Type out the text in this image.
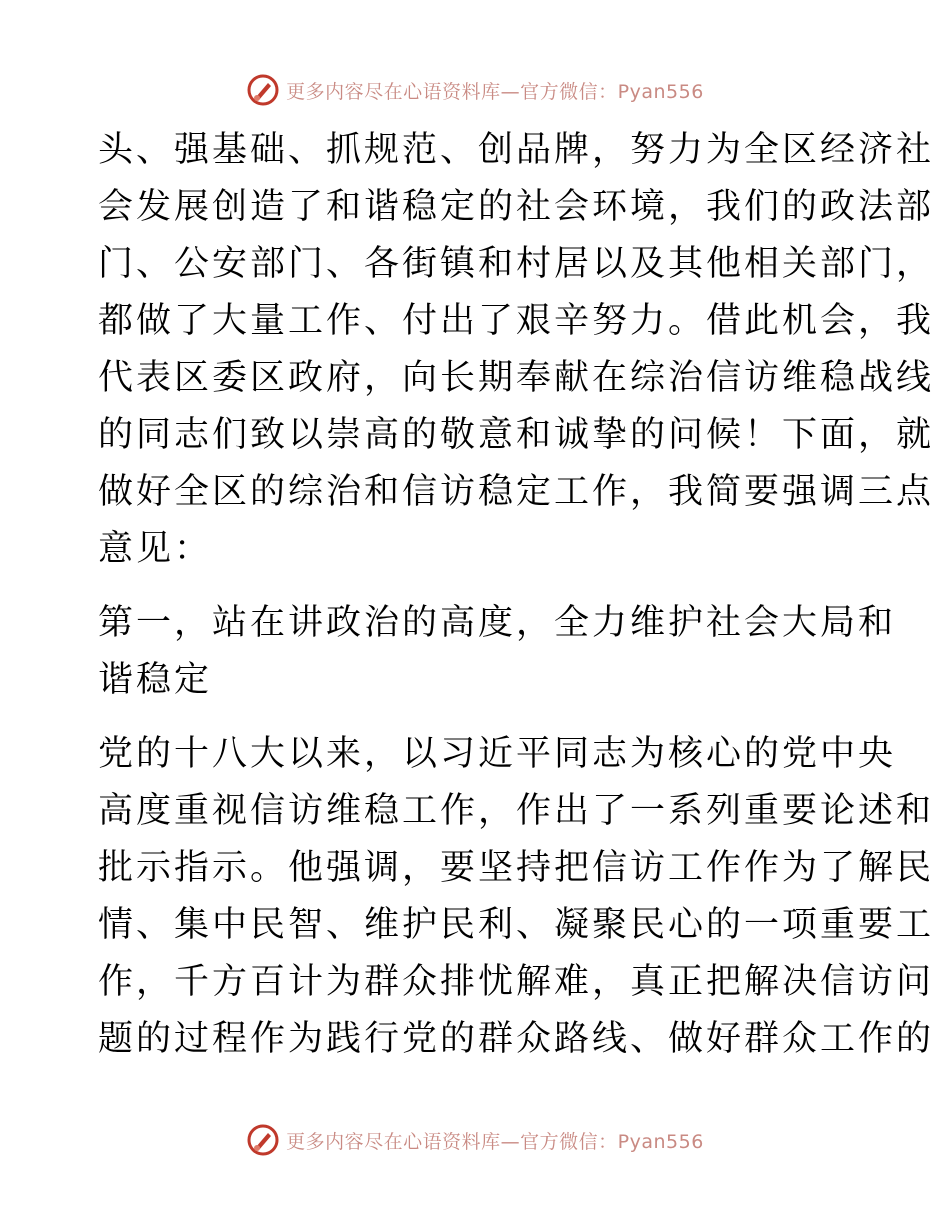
更多内容尽在心语资料库—官方微信：Pyan556
头、强基础、抓规范、创品牌，努力为全区经济社
会发展创造了和谐稳定的社会环境，我们的政法部
门、公安部门、各街镇和村居以及其他相关部门，
都做了大量工作、付出了艰辛努力。借此机会，我
代表区委区政府，向长期奉献在综治信访维稳战线
的同志们致以崇高的敬意和诚挚的问候！下面，就
做好全区的综治和信访稳定工作，我简要强调三点
意见：
第一，站在讲政治的高度，全力维护社会大局和
谐稳定
党的十八大以来，以习近平同志为核心的党中央
高度重视信访维稳工作，作出了一系列重要论述和
批示指示。他强调，要坚持把信访工作作为了解民
情、集中民智、维护民利、凝聚民心的一项重要工
作，千方百计为群众排忧解难，真正把解决信访问
题的过程作为践行党的群众路线、做好群众工作的
更多内容尽在心语资料库—官方微信：Pyan556
